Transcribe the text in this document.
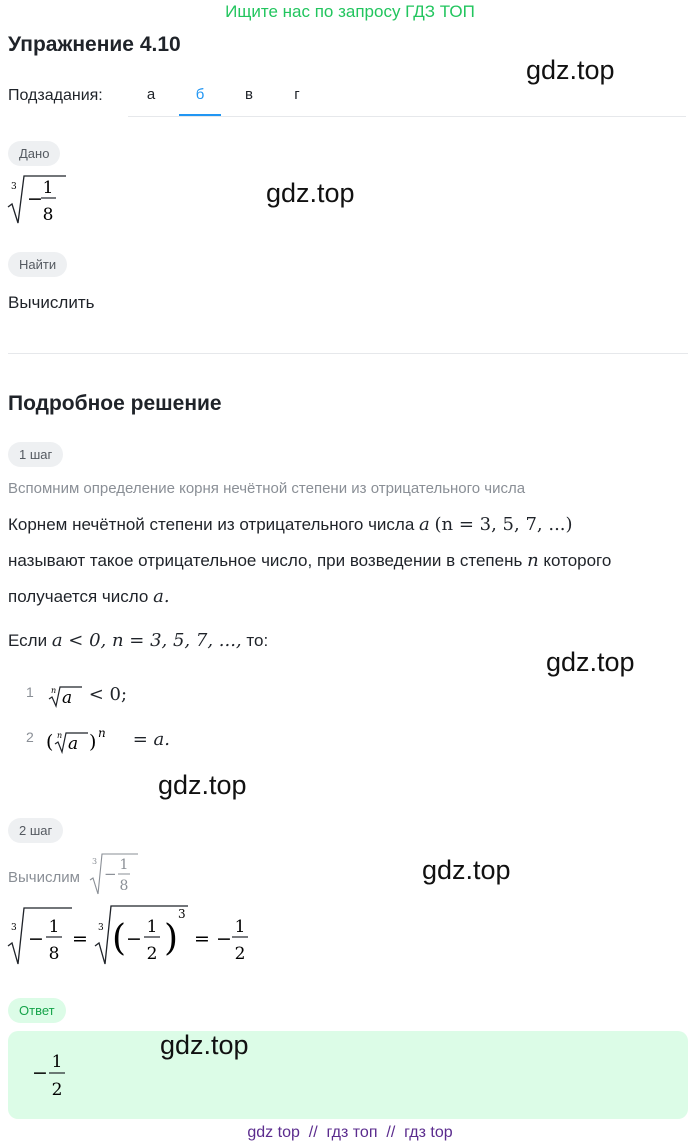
Ищите нас по запросу ГДЗ ТОП
Упражнение 4.10
gdz.top
Подзадания:	а	б	в	г
Дано
3
− 1
8
gdz.top
Найти
Вычислить
Подробное решение
1 шаг
Вспомним определение корня нечётной степени из отрицательного числа
Корнем нечётной степени из отрицательного числа a (n = 3, 5, 7, ...)
называют такое отрицательное число, при возведении в степень n которого
получается число a.
Если a < 0, n = 3, 5, 7, ..., то:
gdz.top
1 n a < 0;
2 ( n a ) n = a.
gdz.top
2 шаг
Вычислим
3
− 1
8
gdz.top
3 −
1
8
= 3 ( −
1
2 )
3
= −
1
2
Ответ
− 1
2
gdz.top
gdz top  //  гдз топ  //  гдз top
